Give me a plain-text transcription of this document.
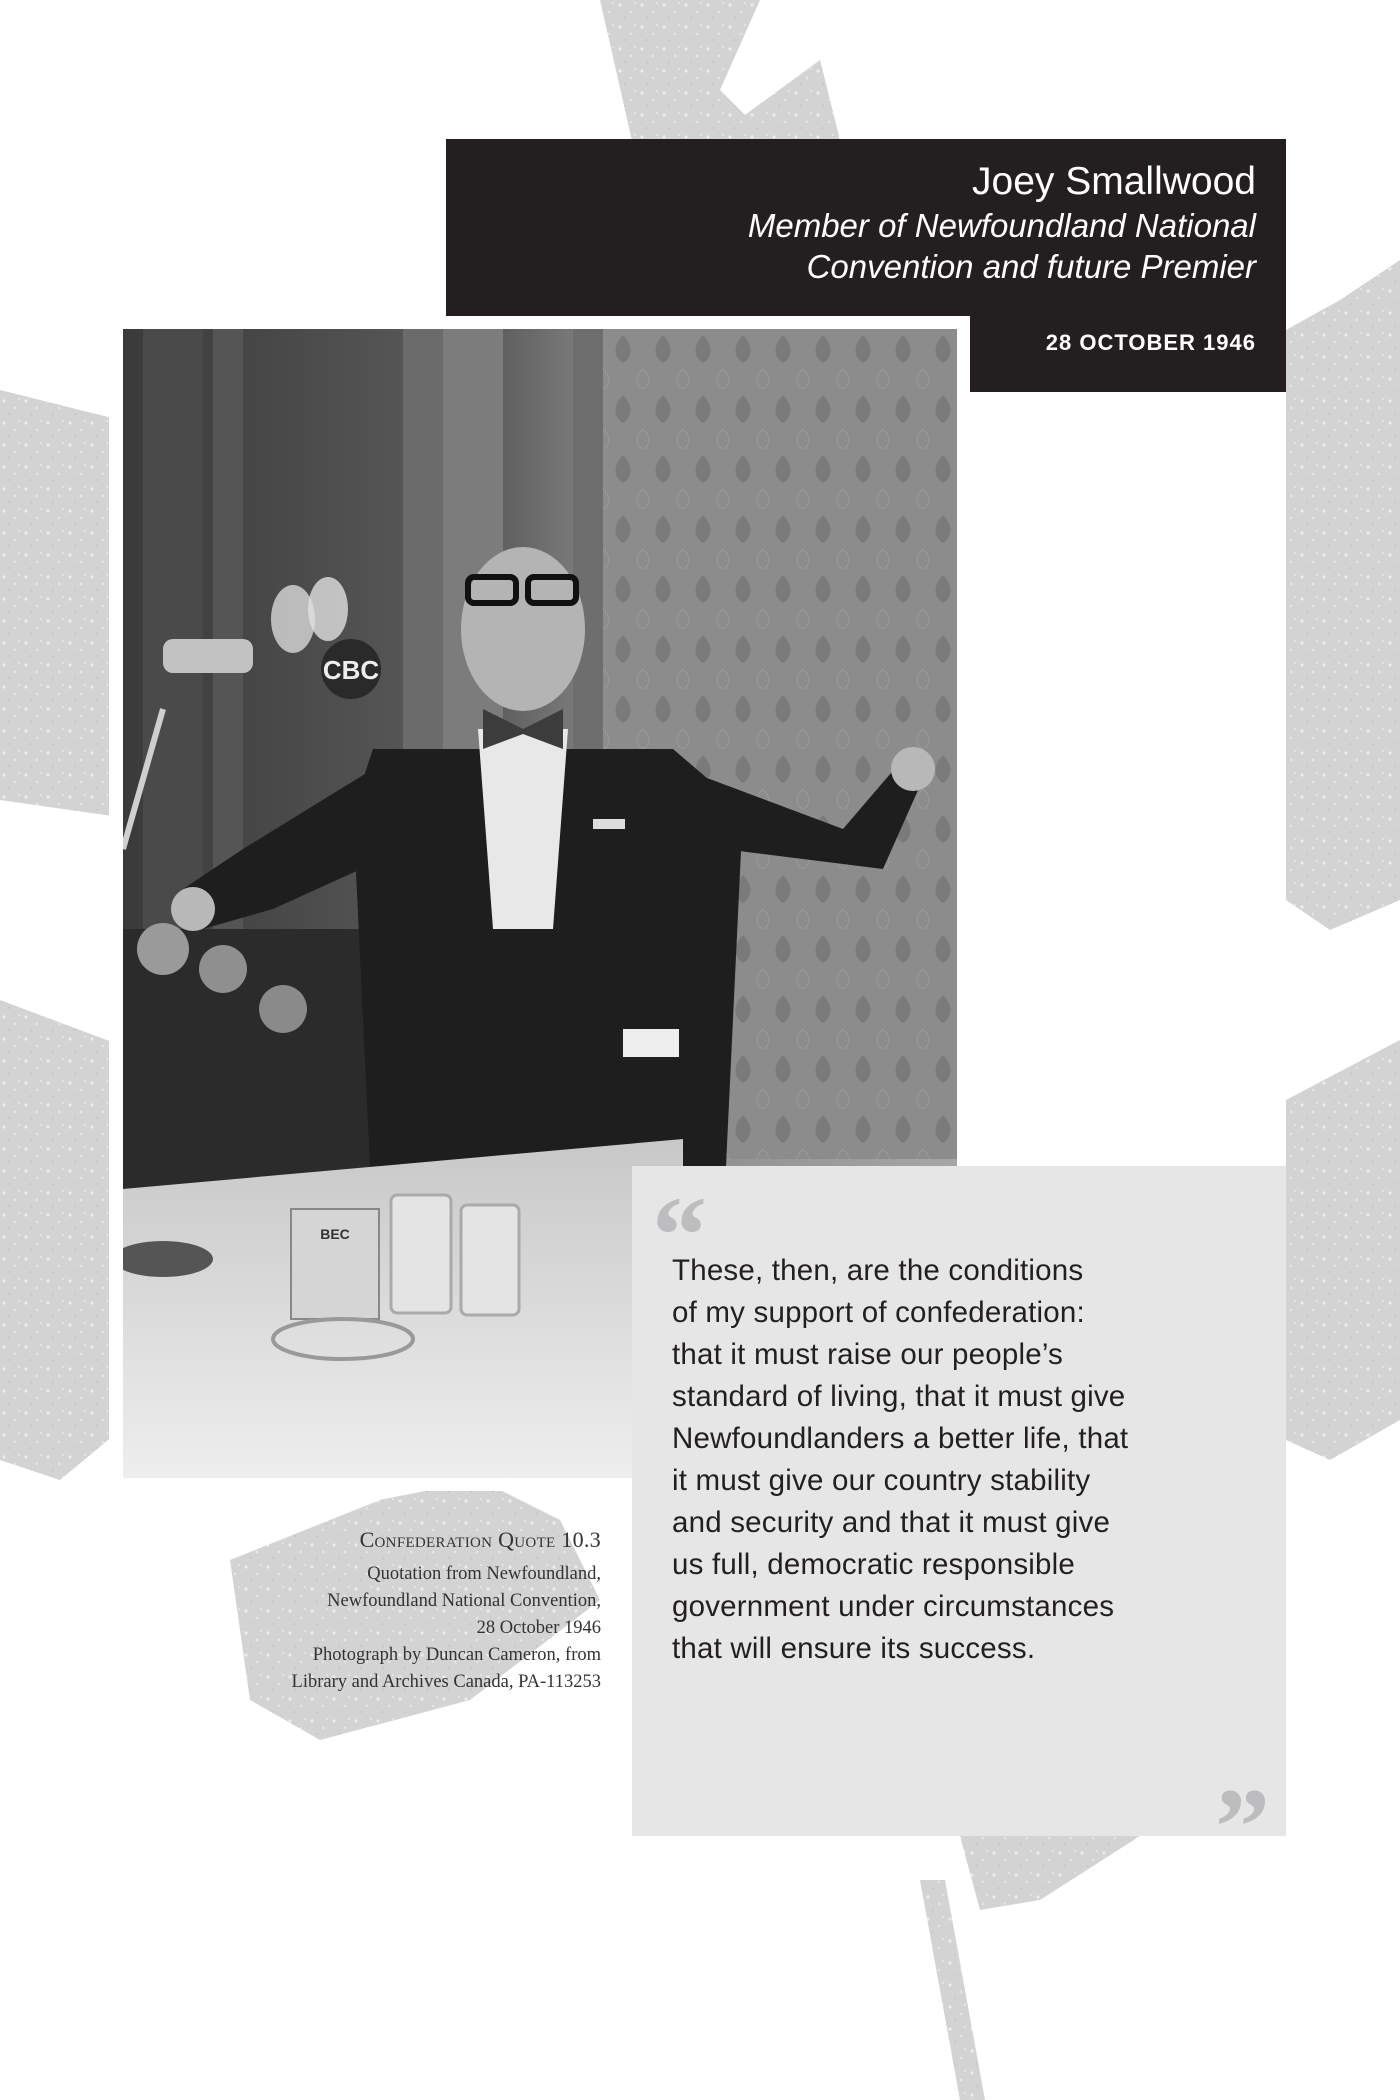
Joey Smallwood
Member of Newfoundland National
Convention and future Premier
28 OCTOBER 1946
CBC
BEC
Confederation Quote 10.3
Quotation from Newfoundland,
Newfoundland National Convention,
28 October 1946
Photograph by Duncan Cameron, from
Library and Archives Canada, PA-113253
“
These, then, are the conditions
of my support of confederation:
that it must raise our people’s
standard of living, that it must give
Newfoundlanders a better life, that
it must give our country stability
and security and that it must give
us full, democratic responsible
government under circumstances
that will ensure its success.
”
